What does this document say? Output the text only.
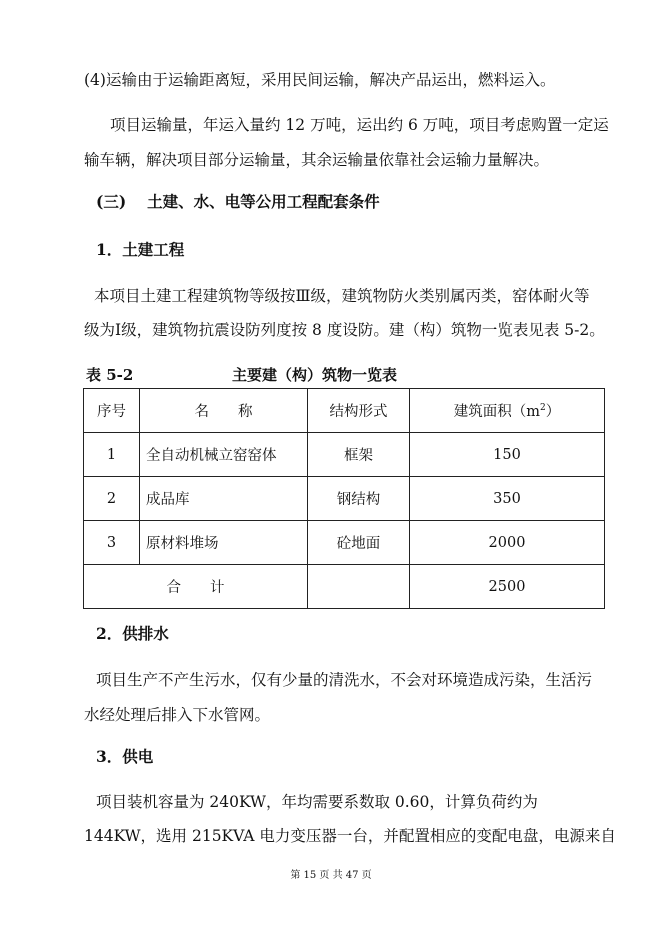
(4)运输由于运输距离短，采用民间运输，解决产品运出，燃料运入。
项目运输量，年运入量约 12 万吨，运出约 6 万吨，项目考虑购置一定运
输车辆，解决项目部分运输量，其余运输量依靠社会运输力量解决。
(三)　 土建、水、电等公用工程配套条件
1．土建工程
本项目土建工程建筑物等级按Ⅲ级，建筑物防火类别属丙类，窑体耐火等
级为Ⅰ级，建筑物抗震设防列度按 8 度设防。建（构）筑物一览表见表 5-2。
表 5-2	主要建（构）筑物一览表
序号	名　　称	结构形式	建筑面积$(m^2)$
1	全自动机械立窑窑体	框架	150
2	成品库	钢结构	350
3	原材料堆场	砼地面	2000
合　　计			2500
2．供排水
项目生产不产生污水，仅有少量的清洗水，不会对环境造成污染，生活污
水经处理后排入下水管网。
3．供电
项目装机容量为 240KW，年均需要系数取 0.60，计算负荷约为
144KW，选用 215KVA 电力变压器一台，并配置相应的变配电盘，电源来自
第 15 页 共 47 页
